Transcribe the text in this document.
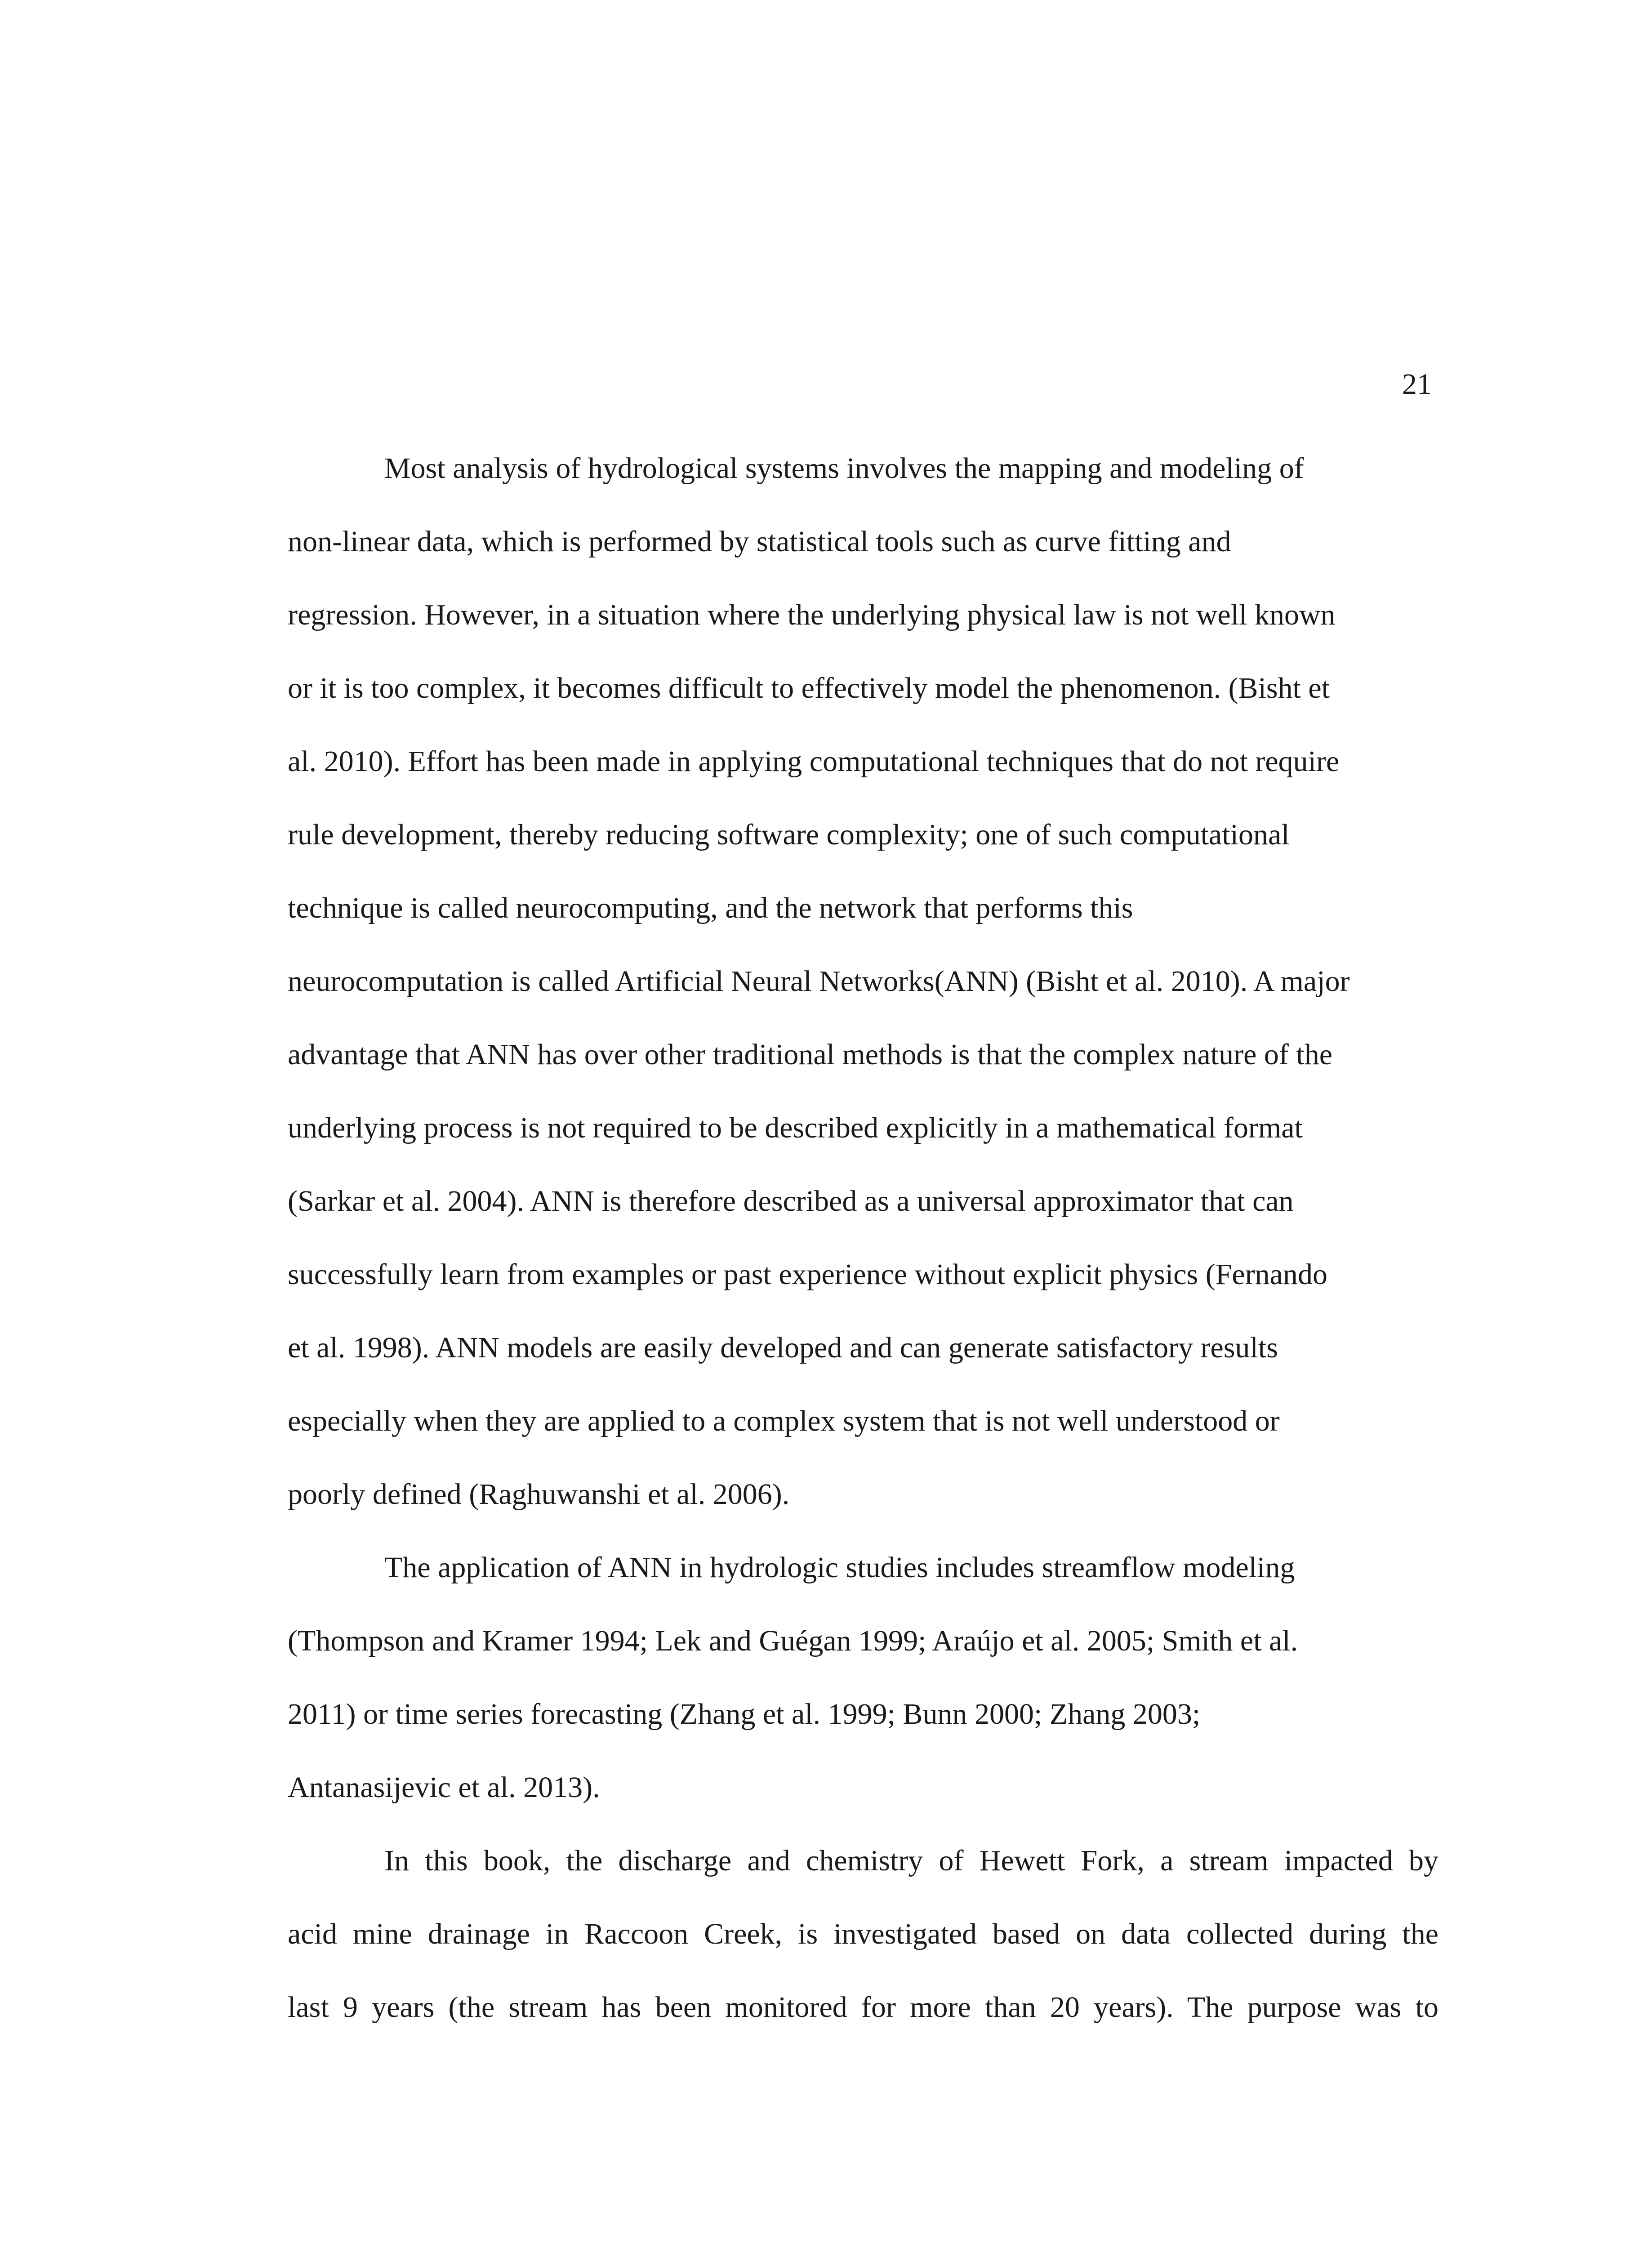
21
Most analysis of hydrological systems involves the mapping and modeling of
non-linear data, which is performed by statistical tools such as curve fitting and
regression. However, in a situation where the underlying physical law is not well known
or it is too complex, it becomes difficult to effectively model the phenomenon. (Bisht et
al. 2010). Effort has been made in applying computational techniques that do not require
rule development, thereby reducing software complexity; one of such computational
technique is called neurocomputing, and the network that performs this
neurocomputation is called Artificial Neural Networks(ANN) (Bisht et al. 2010). A major
advantage that ANN has over other traditional methods is that the complex nature of the
underlying process is not required to be described explicitly in a mathematical format
(Sarkar et al. 2004). ANN is therefore described as a universal approximator that can
successfully learn from examples or past experience without explicit physics (Fernando
et al. 1998). ANN models are easily developed and can generate satisfactory results
especially when they are applied to a complex system that is not well understood or
poorly defined (Raghuwanshi et al. 2006).
The application of ANN in hydrologic studies includes streamflow modeling
(Thompson and Kramer 1994; Lek and Guégan 1999; Araújo et al. 2005; Smith et al.
2011) or time series forecasting (Zhang et al. 1999; Bunn 2000; Zhang 2003;
Antanasijevic et al. 2013).
In this book, the discharge and chemistry of Hewett Fork, a stream impacted by
acid mine drainage in Raccoon Creek, is investigated based on data collected during the
last 9 years (the stream has been monitored for more than 20 years). The purpose was to
